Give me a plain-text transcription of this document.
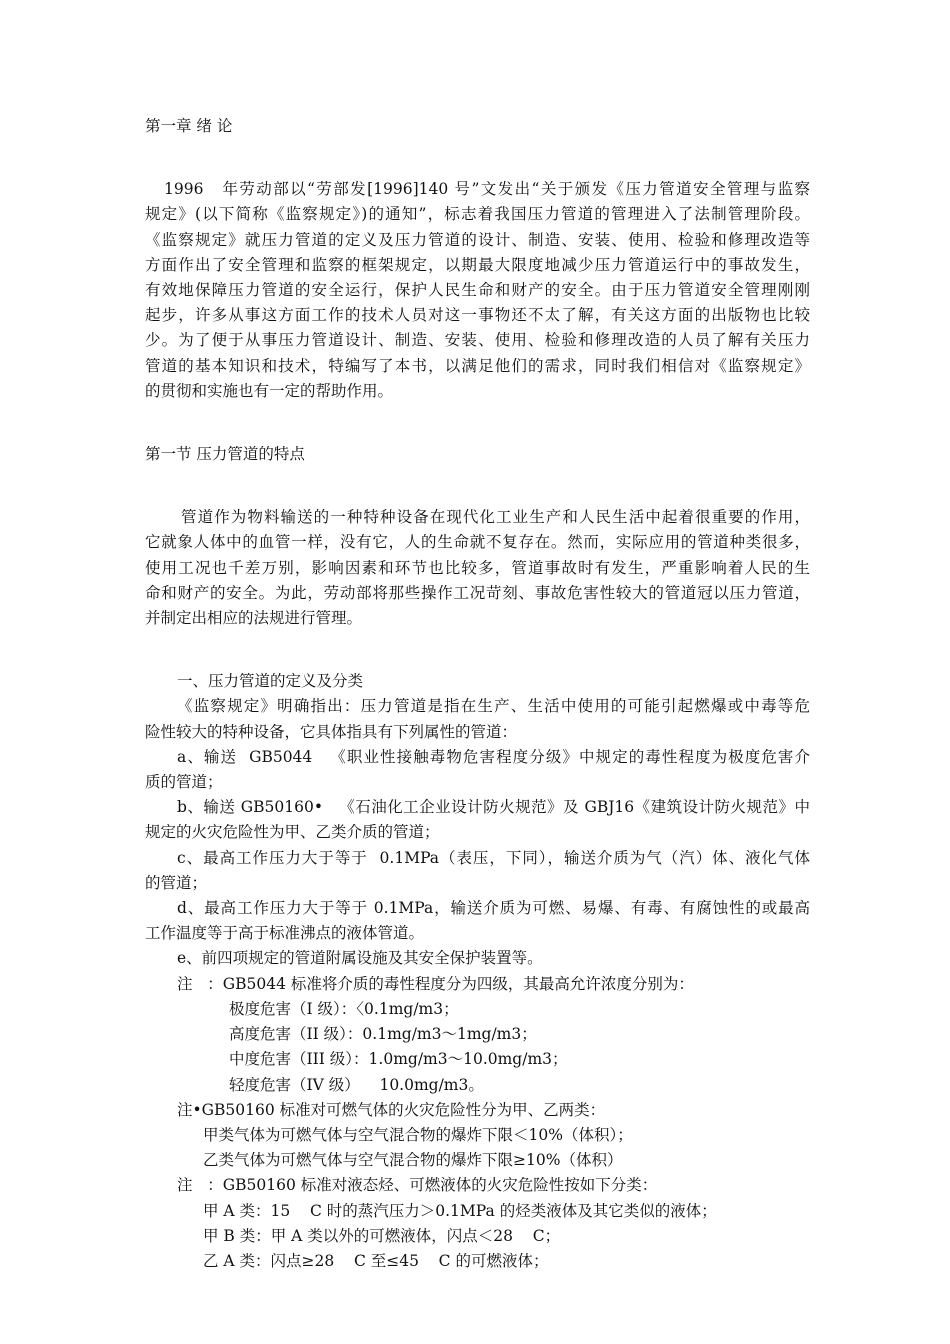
第一章 绪 论
1996   年劳动部以“劳部发[1996]140 号”文发出“关于颁发《压力管道安全管理与监察
规定》(以下简称《监察规定》)的通知”，标志着我国压力管道的管理进入了法制管理阶段。
《监察规定》就压力管道的定义及压力管道的设计、制造、安装、使用、检验和修理改造等
方面作出了安全管理和监察的框架规定，以期最大限度地减少压力管道运行中的事故发生，
有效地保障压力管道的安全运行，保护人民生命和财产的安全。由于压力管道安全管理刚刚
起步，许多从事这方面工作的技术人员对这一事物还不太了解，有关这方面的出版物也比较
少。为了便于从事压力管道设计、制造、安装、使用、检验和修理改造的人员了解有关压力
管道的基本知识和技术，特编写了本书，以满足他们的需求，同时我们相信对《监察规定》
的贯彻和实施也有一定的帮助作用。
第一节 压力管道的特点
管道作为物料输送的一种特种设备在现代化工业生产和人民生活中起着很重要的作用，
它就象人体中的血管一样，没有它，人的生命就不复存在。然而，实际应用的管道种类很多，
使用工况也千差万别，影响因素和环节也比较多，管道事故时有发生，严重影响着人民的生
命和财产的安全。为此，劳动部将那些操作工况苛刻、事故危害性较大的管道冠以压力管道，
并制定出相应的法规进行管理。
一、压力管道的定义及分类
《监察规定》明确指出：压力管道是指在生产、生活中使用的可能引起燃爆或中毒等危
险性较大的特种设备，它具体指具有下列属性的管道：
a、输送  GB5044   《职业性接触毒物危害程度分级》中规定的毒性程度为极度危害介
质的管道；
b、输送 GB50160•   《石油化工企业设计防火规范》及 GBJ16《建筑设计防火规范》中
规定的火灾危险性为甲、乙类介质的管道；
c、最高工作压力大于等于  0.1MPa（表压，下同），输送介质为气（汽）体、液化气体
的管道；
d、最高工作压力大于等于 0.1MPa，输送介质为可燃、易爆、有毒、有腐蚀性的或最高
工作温度等于高于标准沸点的液体管道。
e、前四项规定的管道附属设施及其安全保护装置等。
注   ：GB5044 标准将介质的毒性程度分为四级，其最高允许浓度分别为：
极度危害（I 级）：〈0.1mg/m3；
高度危害（II 级）：0.1mg/m3～1mg/m3；
中度危害（III 级）：1.0mg/m3～10.0mg/m3；
轻度危害（IV 级）    10.0mg/m3。
注•GB50160 标准对可燃气体的火灾危险性分为甲、乙两类：
甲类气体为可燃气体与空气混合物的爆炸下限＜10%（体积）；
乙类气体为可燃气体与空气混合物的爆炸下限≥10%（体积）
注   ：GB50160 标准对液态烃、可燃液体的火灾危险性按如下分类：
甲 A 类：15    C 时的蒸汽压力＞0.1MPa 的烃类液体及其它类似的液体；
甲 B 类：甲 A 类以外的可燃液体，闪点＜28    C；
乙 A 类：闪点≥28    C 至≤45    C 的可燃液体；
